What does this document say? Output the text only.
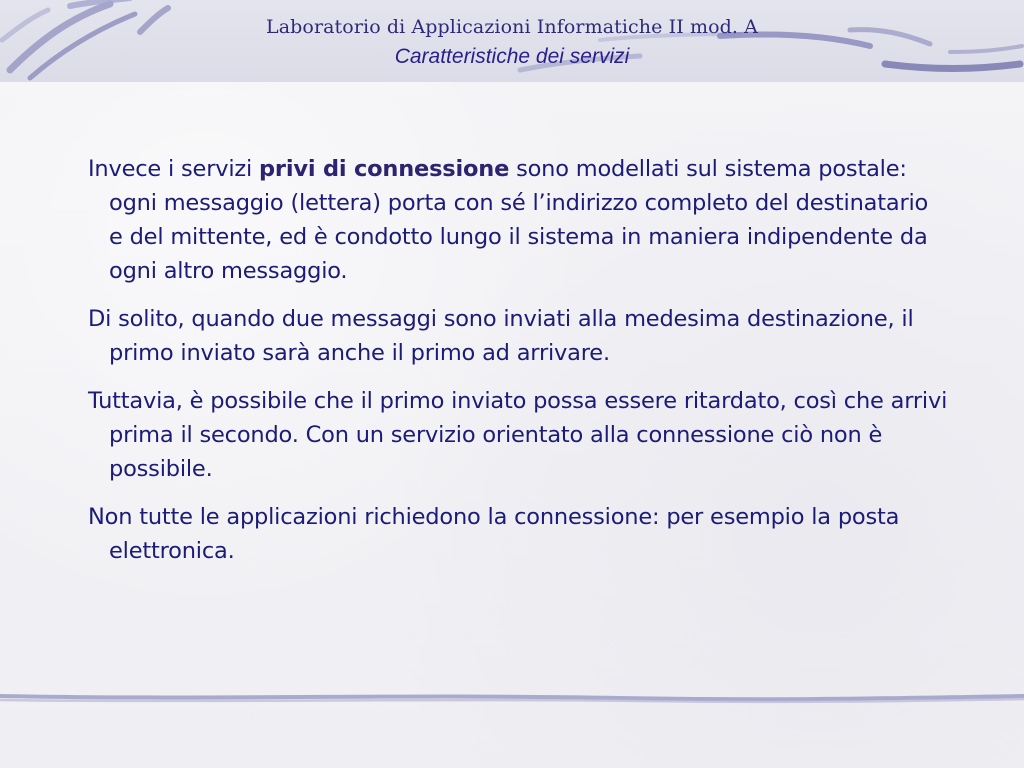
Laboratorio di Applicazioni Informatiche II mod. A
Caratteristiche dei servizi

Invece i servizi privi di connessione sono modellati sul sistema postale: ogni messaggio (lettera) porta con sé l’indirizzo completo del destinatario e del mittente, ed è condotto lungo il sistema in maniera indipendente da ogni altro messaggio.

Di solito, quando due messaggi sono inviati alla medesima destinazione, il primo inviato sarà anche il primo ad arrivare.

Tuttavia, è possibile che il primo inviato possa essere ritardato, così che arrivi prima il secondo. Con un servizio orientato alla connessione ciò non è possibile.

Non tutte le applicazioni richiedono la connessione: per esempio la posta elettronica.
